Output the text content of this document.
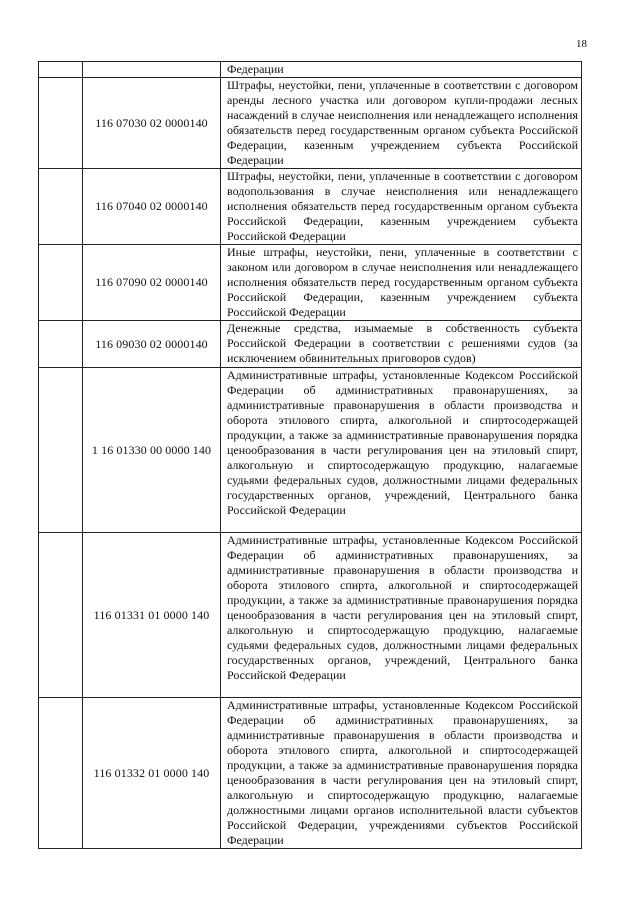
18

		Федерации

	116 07030 02 0000140	Штрафы, неустойки, пени, уплаченные в соответствии с договором аренды лесного участка или договором купли-продажи лесных насаждений в случае неисполнения или ненадлежащего исполнения обязательств перед государственным органом субъекта Российской Федерации, казенным учреждением субъекта Российской Федерации

	116 07040 02 0000140	Штрафы, неустойки, пени, уплаченные в соответствии с договором водопользования в случае неисполнения или ненадлежащего исполнения обязательств перед государственным органом субъекта Российской Федерации, казенным учреждением субъекта Российской Федерации

	116 07090 02 0000140	Иные штрафы, неустойки, пени, уплаченные в соответствии с законом или договором в случае неисполнения или ненадлежащего исполнения обязательств перед государственным органом субъекта Российской Федерации, казенным учреждением субъекта Российской Федерации

	116 09030 02 0000140	Денежные средства, изымаемые в собственность субъекта Российской Федерации в соответствии с решениями судов (за исключением обвинительных приговоров судов)

	1 16 01330 00 0000 140	Административные штрафы, установленные Кодексом Российской Федерации об административных правонарушениях, за административные правонарушения в области производства и оборота этилового спирта, алкогольной и спиртосодержащей продукции, а также за административные правонарушения порядка ценообразования в части регулирования цен на этиловый спирт, алкогольную и спиртосодержащую продукцию, налагаемые судьями федеральных судов, должностными лицами федеральных государственных органов, учреждений, Центрального банка Российской Федерации

	116 01331 01 0000 140	Административные штрафы, установленные Кодексом Российской Федерации об административных правонарушениях, за административные правонарушения в области производства и оборота этилового спирта, алкогольной и спиртосодержащей продукции, а также за административные правонарушения порядка ценообразования в части регулирования цен на этиловый спирт, алкогольную и спиртосодержащую продукцию, налагаемые судьями федеральных судов, должностными лицами федеральных государственных органов, учреждений, Центрального банка Российской Федерации

	116 01332 01 0000 140	Административные штрафы, установленные Кодексом Российской Федерации об административных правонарушениях, за административные правонарушения в области производства и оборота этилового спирта, алкогольной и спиртосодержащей продукции, а также за административные правонарушения порядка ценообразования в части регулирования цен на этиловый спирт, алкогольную и спиртосодержащую продукцию, налагаемые должностными лицами органов исполнительной власти субъектов Российской Федерации, учреждениями субъектов Российской Федерации
